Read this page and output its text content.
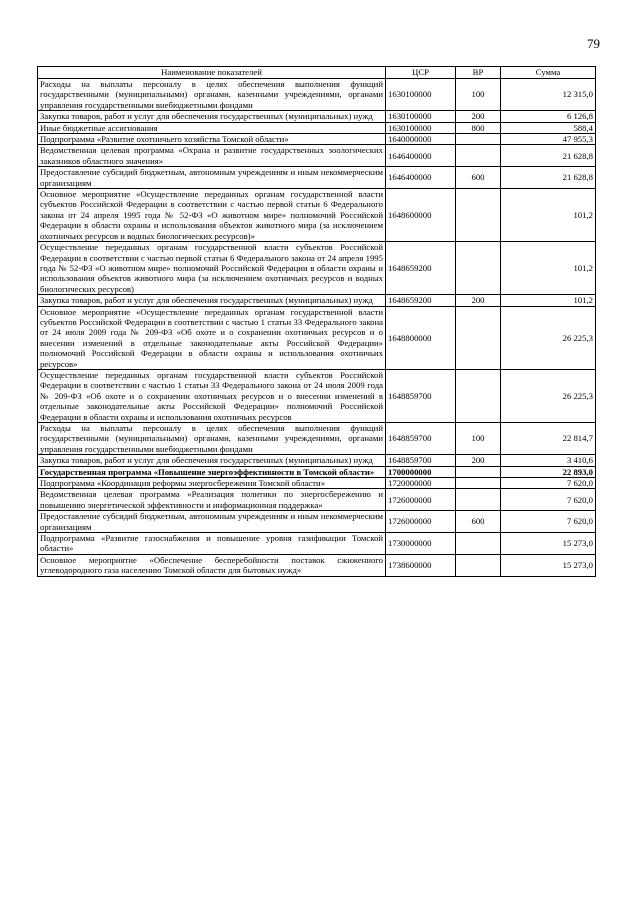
79
Наименование показателей	ЦСР	ВР	Сумма
Расходы на выплаты персоналу в целях обеспечения выполнения функций государственными (муниципальными) органами, казенными учреждениями, органами управления государственными внебюджетными фондами	1630100000	100	12 315,0
Закупка товаров, работ и услуг для обеспечения государственных (муниципальных) нужд	1630100000	200	6 126,8
Иные бюджетные ассигнования	1630100000	800	588,4
Подпрограмма «Развитие охотничьего хозяйства Томской области»	1640000000		47 955,3
Ведомственная целевая программа «Охрана и развитие государственных зоологических заказников областного значения»	1646400000		21 628,8
Предоставление субсидий бюджетным, автономным учреждениям и иным некоммерческим организациям	1646400000	600	21 628,8
Основное мероприятие «Осуществление переданных органам государственной власти субъектов Российской Федерации в соответствии с частью первой статьи 6 Федерального закона от 24 апреля 1995 года № 52-ФЗ «О животном мире» полномочий Российской Федерации в области охраны и использования объектов животного мира (за исключением охотничьих ресурсов и водных биологических ресурсов)»	1648600000		101,2
Осуществление переданных органам государственной власти субъектов Российской Федерации в соответствии с частью первой статьи 6 Федерального закона от 24 апреля 1995 года № 52-ФЗ «О животном мире» полномочий Российской Федерации в области охраны и использования объектов животного мира (за исключением охотничьих ресурсов и водных биологических ресурсов)	1648659200		101,2
Закупка товаров, работ и услуг для обеспечения государственных (муниципальных) нужд	1648659200	200	101,2
Основное мероприятие «Осуществление переданных органам государственной власти субъектов Российской Федерации в соответствии с частью 1 статьи 33 Федерального закона от 24 июля 2009 года № 209-ФЗ «Об охоте и о сохранении охотничьих ресурсов и о внесении изменений в отдельные законодательные акты Российской Федерации» полномочий Российской Федерации в области охраны и использования охотничьих ресурсов»	1648800000		26 225,3
Осуществление переданных органам государственной власти субъектов Российской Федерации в соответствии с частью 1 статьи 33 Федерального закона от 24 июля 2009 года № 209-ФЗ «Об охоте и о сохранении охотничьих ресурсов и о внесении изменений в отдельные законодательные акты Российской Федерации» полномочий Российской Федерации в области охраны и использования охотничьих ресурсов	1648859700		26 225,3
Расходы на выплаты персоналу в целях обеспечения выполнения функций государственными (муниципальными) органами, казенными учреждениями, органами управления государственными внебюджетными фондами	1648859700	100	22 814,7
Закупка товаров, работ и услуг для обеспечения государственных (муниципальных) нужд	1648859700	200	3 410,6
Государственная программа «Повышение энергоэффективности в Томской области»	1700000000		22 893,0
Подпрограмма «Координация реформы энергосбережения Томской области»	1720000000		7 620,0
Ведомственная целевая программа «Реализация политики по энергосбережению и повышению энергетической эффективности и информационная поддержка»	1726000000		7 620,0
Предоставление субсидий бюджетным, автономным учреждениям и иным некоммерческим организациям	1726000000	600	7 620,0
Подпрограмма «Развитие газоснабжения и повышение уровня газификации Томской области»	1730000000		15 273,0
Основное мероприятие «Обеспечение бесперебойности поставок сжиженного углеводородного газа населению Томской области для бытовых нужд»	1738600000		15 273,0
